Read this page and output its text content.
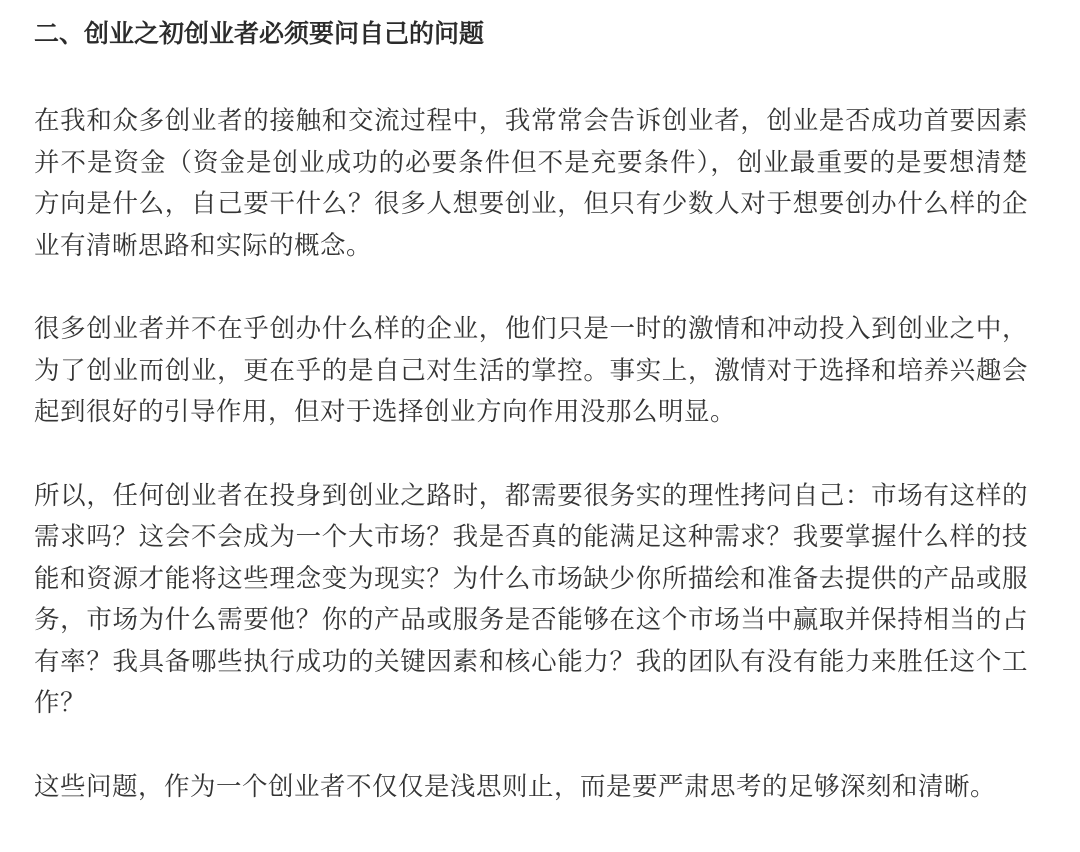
二、创业之初创业者必须要问自己的问题

在我和众多创业者的接触和交流过程中，我常常会告诉创业者，创业是否成功首要因素并不是资金（资金是创业成功的必要条件但不是充要条件），创业最重要的是要想清楚方向是什么，自己要干什么？很多人想要创业，但只有少数人对于想要创办什么样的企业有清晰思路和实际的概念。

很多创业者并不在乎创办什么样的企业，他们只是一时的激情和冲动投入到创业之中，为了创业而创业，更在乎的是自己对生活的掌控。事实上，激情对于选择和培养兴趣会起到很好的引导作用，但对于选择创业方向作用没那么明显。

所以，任何创业者在投身到创业之路时，都需要很务实的理性拷问自己：市场有这样的需求吗？这会不会成为一个大市场？我是否真的能满足这种需求？我要掌握什么样的技能和资源才能将这些理念变为现实？为什么市场缺少你所描绘和准备去提供的产品或服务，市场为什么需要他？你的产品或服务是否能够在这个市场当中赢取并保持相当的占有率？我具备哪些执行成功的关键因素和核心能力？我的团队有没有能力来胜任这个工作？

这些问题，作为一个创业者不仅仅是浅思则止，而是要严肃思考的足够深刻和清晰。
